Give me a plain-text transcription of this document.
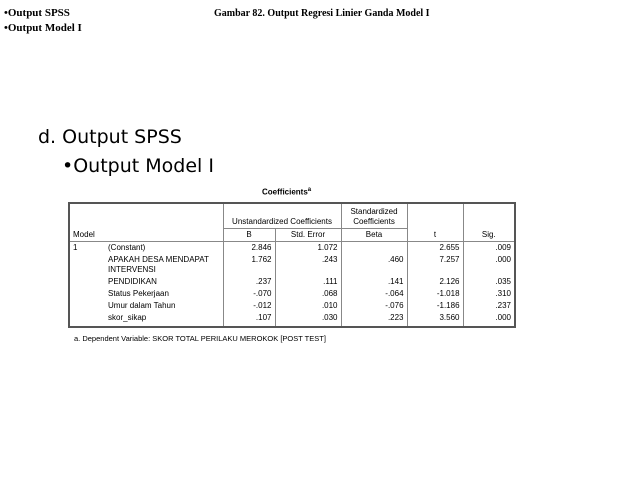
•Output SPSS
•Output Model I
Gambar 82. Output Regresi Linier Ganda Model I
d. Output SPSS
•Output Model I
Coefficients$^a$
		Unstandardized Coefficients		Standardized Coefficients		
Model		B	Std. Error	Beta	t	Sig.
1	(Constant)	2.846	1.072		2.655	.009
	APAKAH DESA MENDAPAT INTERVENSI	1.762	.243	.460	7.257	.000
	PENDIDIKAN	.237	.111	.141	2.126	.035
	Status Pekerjaan	-.070	.068	-.064	-1.018	.310
	Umur dalam Tahun	-.012	.010	-.076	-1.186	.237
	skor_sikap	.107	.030	.223	3.560	.000

a. Dependent Variable: SKOR TOTAL PERILAKU MEROKOK [POST TEST]
